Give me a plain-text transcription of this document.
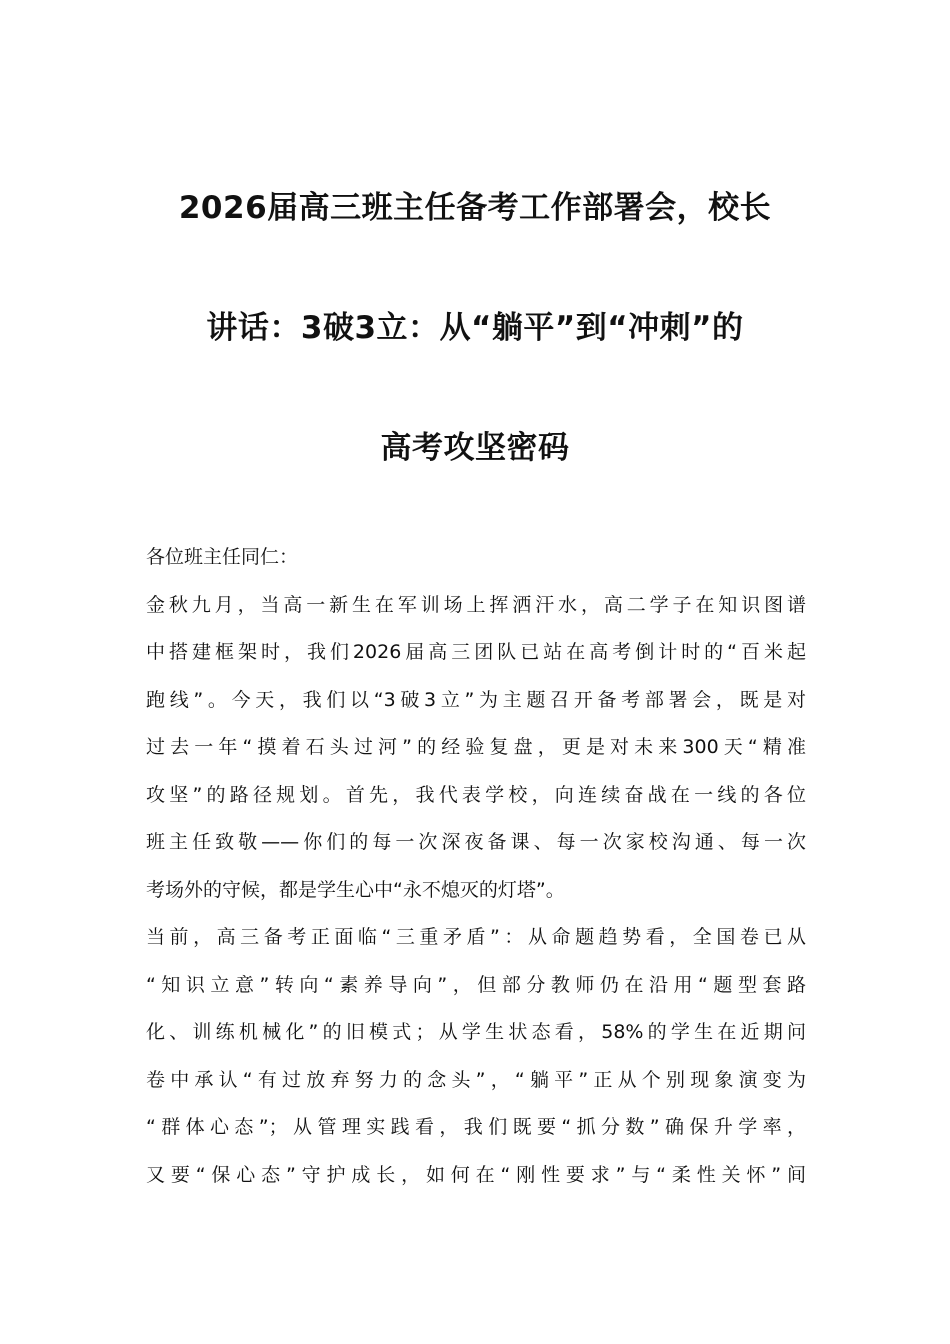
2026届高三班主任备考工作部署会，校长
讲话：3破3立：从“躺平”到“冲刺”的
高考攻坚密码

各位班主任同仁：

金秋九月，当高一新生在军训场上挥洒汗水，高二学子在知识图谱
中搭建框架时，我们2026届高三团队已站在高考倒计时的“百米起
跑线”。今天，我们以“3破3立”为主题召开备考部署会，既是对
过去一年“摸着石头过河”的经验复盘，更是对未来300天“精准
攻坚”的路径规划。首先，我代表学校，向连续奋战在一线的各位
班主任致敬——你们的每一次深夜备课、每一次家校沟通、每一次
考场外的守候，都是学生心中“永不熄灭的灯塔”。

当前，高三备考正面临“三重矛盾”：从命题趋势看，全国卷已从
“知识立意”转向“素养导向”，但部分教师仍在沿用“题型套路
化、训练机械化”的旧模式；从学生状态看，58%的学生在近期问
卷中承认“有过放弃努力的念头”，“躺平”正从个别现象演变为
“群体心态”；从管理实践看，我们既要“抓分数”确保升学率，
又要“保心态”守护成长，如何在“刚性要求”与“柔性关怀”间
